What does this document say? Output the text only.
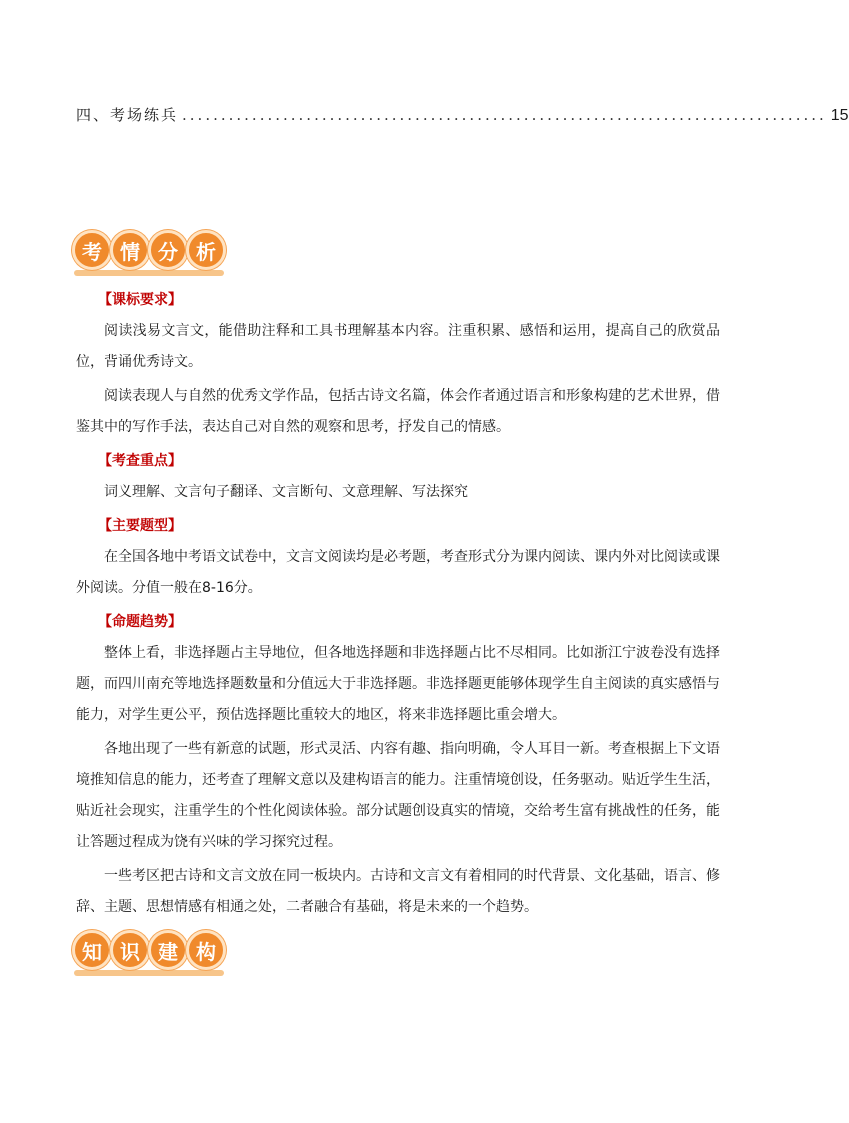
四、考场练兵 ................................................................................... 15
考 情 分 析
【课标要求】

阅读浅易文言文，能借助注释和工具书理解基本内容。注重积累、感悟和运用，提高自己的欣赏品位，背诵优秀诗文。

阅读表现人与自然的优秀文学作品，包括古诗文名篇，体会作者通过语言和形象构建的艺术世界，借鉴其中的写作手法，表达自己对自然的观察和思考，抒发自己的情感。

【考查重点】

词义理解、文言句子翻译、文言断句、文意理解、写法探究

【主要题型】

在全国各地中考语文试卷中，文言文阅读均是必考题，考查形式分为课内阅读、课内外对比阅读或课外阅读。分值一般在8-16分。

【命题趋势】

整体上看，非选择题占主导地位，但各地选择题和非选择题占比不尽相同。比如浙江宁波卷没有选择题，而四川南充等地选择题数量和分值远大于非选择题。非选择题更能够体现学生自主阅读的真实感悟与能力，对学生更公平，预估选择题比重较大的地区，将来非选择题比重会增大。

各地出现了一些有新意的试题，形式灵活、内容有趣、指向明确，令人耳目一新。考查根据上下文语境推知信息的能力，还考查了理解文意以及建构语言的能力。注重情境创设，任务驱动。贴近学生生活，贴近社会现实，注重学生的个性化阅读体验。部分试题创设真实的情境，交给考生富有挑战性的任务，能让答题过程成为饶有兴味的学习探究过程。

一些考区把古诗和文言文放在同一板块内。古诗和文言文有着相同的时代背景、文化基础，语言、修辞、主题、思想情感有相通之处，二者融合有基础，将是未来的一个趋势。

知 识 建 构
